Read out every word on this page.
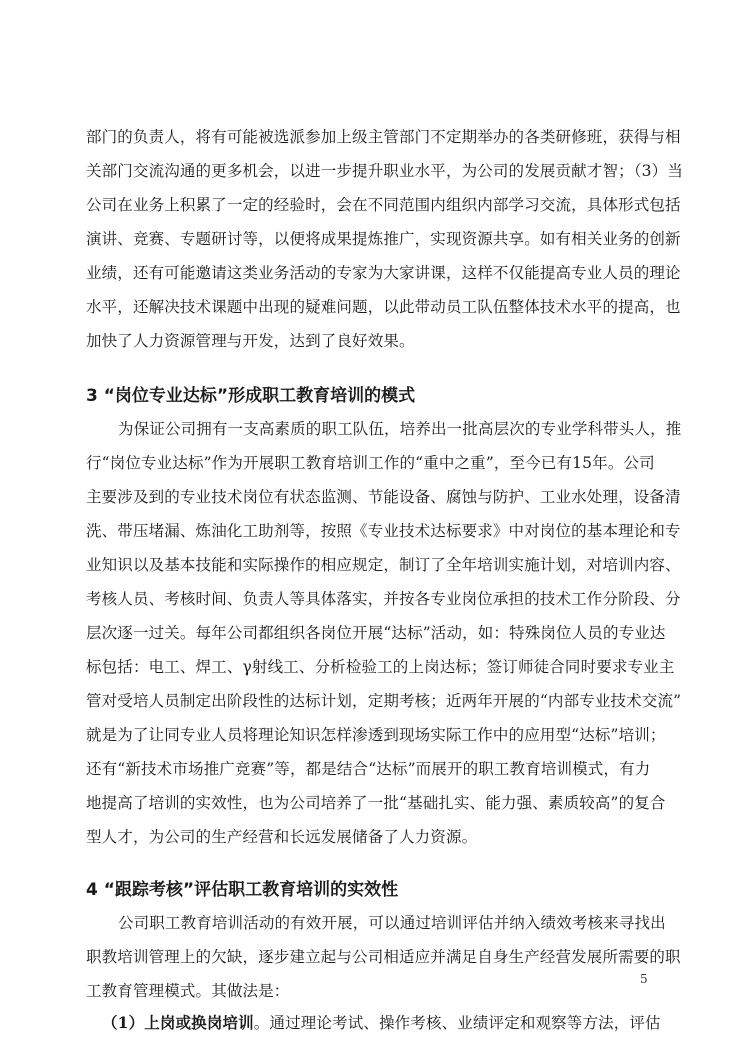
部门的负责人，将有可能被选派参加上级主管部门不定期举办的各类研修班，获得与相
关部门交流沟通的更多机会，以进一步提升职业水平，为公司的发展贡献才智；（3）当
公司在业务上积累了一定的经验时，会在不同范围内组织内部学习交流，具体形式包括
演讲、竞赛、专题研讨等，以便将成果提炼推广，实现资源共享。如有相关业务的创新
业绩，还有可能邀请这类业务活动的专家为大家讲课，这样不仅能提高专业人员的理论
水平，还解决技术课题中出现的疑难问题，以此带动员工队伍整体技术水平的提高，也
加快了人力资源管理与开发，达到了良好效果。
3 “岗位专业达标”形成职工教育培训的模式
为保证公司拥有一支高素质的职工队伍，培养出一批高层次的专业学科带头人，推
行“岗位专业达标”作为开展职工教育培训工作的“重中之重”，至今已有15年。公司
主要涉及到的专业技术岗位有状态监测、节能设备、腐蚀与防护、工业水处理，设备清
洗、带压堵漏、炼油化工助剂等，按照《专业技术达标要求》中对岗位的基本理论和专
业知识以及基本技能和实际操作的相应规定，制订了全年培训实施计划，对培训内容、
考核人员、考核时间、负责人等具体落实，并按各专业岗位承担的技术工作分阶段、分
层次逐一过关。每年公司都组织各岗位开展“达标”活动，如：特殊岗位人员的专业达
标包括：电工、焊工、γ射线工、分析检验工的上岗达标；签订师徒合同时要求专业主
管对受培人员制定出阶段性的达标计划，定期考核；近两年开展的“内部专业技术交流”
就是为了让同专业人员将理论知识怎样渗透到现场实际工作中的应用型“达标”培训；
还有“新技术市场推广竞赛”等，都是结合“达标”而展开的职工教育培训模式，有力
地提高了培训的实效性，也为公司培养了一批“基础扎实、能力强、素质较高”的复合
型人才，为公司的生产经营和长远发展储备了人力资源。
4 “跟踪考核”评估职工教育培训的实效性
公司职工教育培训活动的有效开展，可以通过培训评估并纳入绩效考核来寻找出
职教培训管理上的欠缺，逐步建立起与公司相适应并满足自身生产经营发展所需要的职
工教育管理模式。其做法是：
（1）上岗或换岗培训。通过理论考试、操作考核、业绩评定和观察等方法，评估
5
